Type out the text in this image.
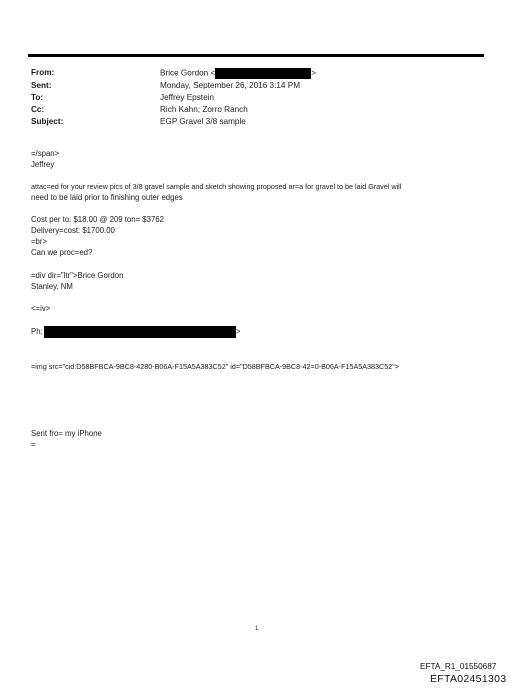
From:
Sent:
To:
Cc:
Subject:
Brice Gordon <	>
Monday, September 26, 2016 3:14 PM
Jeffrey Epstein
Rich Kahn; Zorro Ranch
EGP Gravel 3/8 sample
=/span>
Jeffrey
attac=ed for your review pics of 3/8 gravel sample and sketch showing proposed ar=a for gravel to be laid Gravel will
need to be laid prior to finishing outer edges
Cost per to: $18.00 @ 209 ton= $3762
Delivery=cost: $1700.00
=br>
Can we proc=ed?
=div dir="ltr">Brice Gordon
Stanley, NM
<=iv>
Ph:	>
=img src="cid:D58BFBCA-9BC8-4280-B06A-F15A5A383C52" id="D58BFBCA-9BC8-42=0-B06A-F15A5A383C52">
Sent fro= my iPhone
=
1
EFTA_R1_01550687
EFTA02451303
